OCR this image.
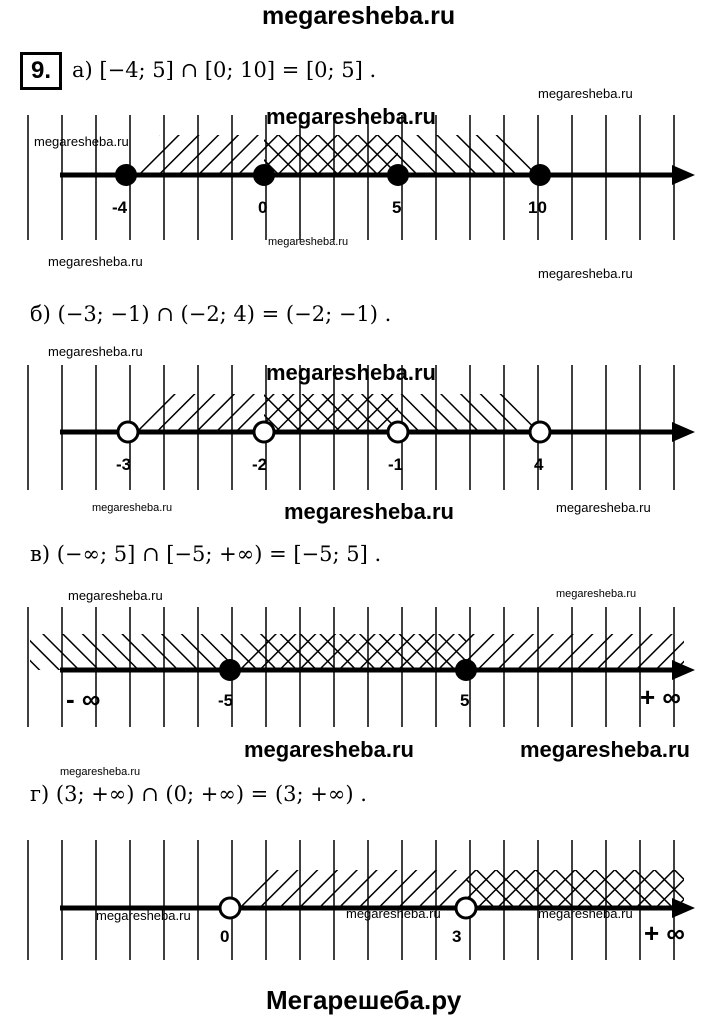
megaresheba.ru
9.	а) [−4; 5] ∩ [0; 10] = [0; 5] .
-4	0	5	10
megaresheba.ru
megaresheba.ru
megaresheba.ru
megaresheba.ru
megaresheba.ru
megaresheba.ru
б) (−3; −1) ∩ (−2; 4) = (−2; −1) .
megaresheba.ru
-3	-2	-1	4
megaresheba.ru
megaresheba.ru	megaresheba.ru	megaresheba.ru
в) (−∞; 5] ∩ [−5; +∞) = [−5; 5] .
megaresheba.ru	megaresheba.ru
- ∞	-5	5	+ ∞
megaresheba.ru	megaresheba.ru
megaresheba.ru
г) (3; +∞) ∩ (0; +∞) = (3; +∞) .
0	3	+ ∞
megaresheba.ru	megaresheba.ru	megaresheba.ru
Мегарешеба.ру
